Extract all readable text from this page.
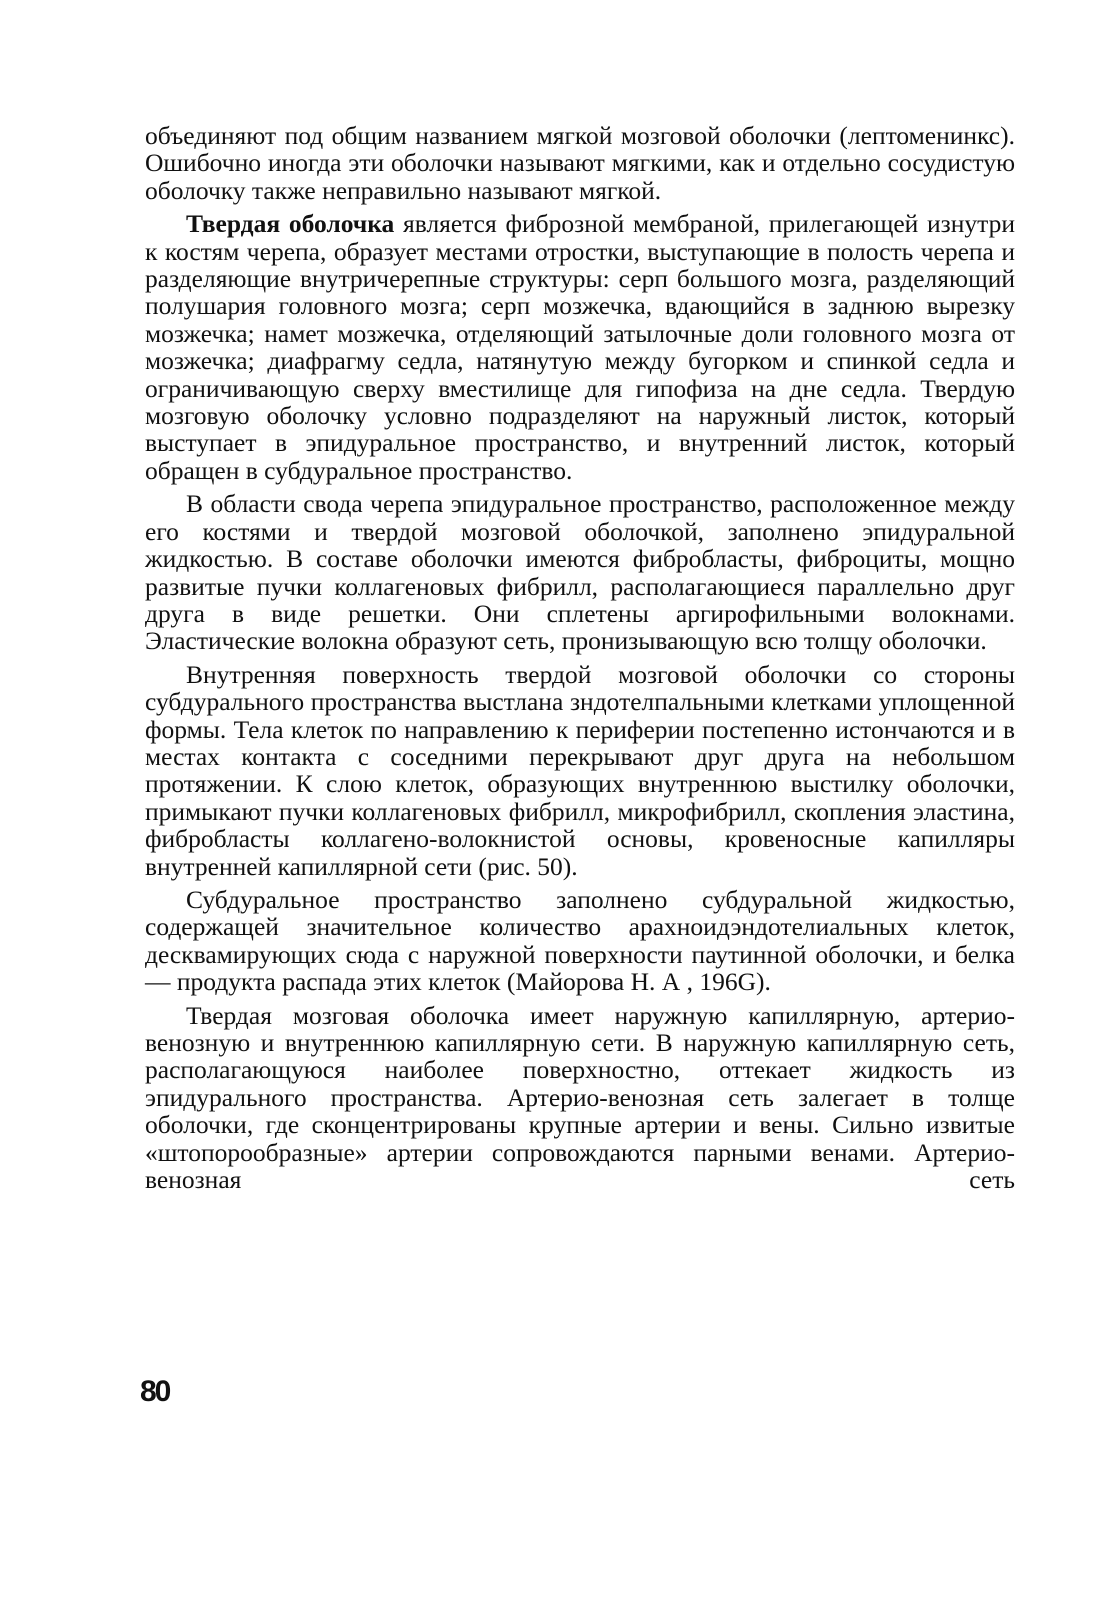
объединяют под общим названием мягкой мозговой оболочки (лептоменинкс). Ошибочно иногда эти оболочки называют мягкими, как и отдельно сосудистую оболочку также неправильно называют мягкой.

Твердая оболочка является фиброзной мембраной, прилегающей изнутри к костям черепа, образует местами отростки, выступающие в полость черепа и разделяющие внутричерепные структуры: серп большого мозга, разделяющий полушария головного мозга; серп мозжечка, вдающийся в заднюю вырезку мозжечка; намет мозжечка, отделяющий затылочные доли головного мозга от мозжечка; диафрагму седла, натянутую между бугорком и спинкой седла и ограничивающую сверху вместилище для гипофиза на дне седла. Твердую мозговую оболочку условно подразделяют на наружный листок, который выступает в эпидуральное пространство, и внутренний листок, который обращен в субдуральное пространство.

В области свода черепа эпидуральное пространство, расположенное между его костями и твердой мозговой оболочкой, заполнено эпидуральной жидкостью. В составе оболочки имеются фибробласты, фиброциты, мощно развитые пучки коллагеновых фибрилл, располагающиеся параллельно друг друга в виде решетки. Они сплетены аргирофильными волокнами. Эластические волокна образуют сеть, пронизывающую всю толщу оболочки.

Внутренняя поверхность твердой мозговой оболочки со стороны субдурального пространства выстлана зндотелпальными клетками уплощенной формы. Тела клеток по направлению к периферии постепенно истончаются и в местах контакта с соседними перекрывают друг друга на небольшом протяжении. К слою клеток, образующих внутреннюю выстилку оболочки, примыкают пучки коллагеновых фибрилл, микрофибрилл, скопления эластина, фибробласты коллагено-волокнистой основы, кровеносные капилляры внутренней капиллярной сети (рис. 50).

Субдуральное пространство заполнено субдуральной жидкостью, содержащей значительное количество арахноидэндотелиальных клеток, десквамирующих сюда с наружной поверхности паутинной оболочки, и белка — продукта распада этих клеток (Майорова Н. А , 196G).

Твердая мозговая оболочка имеет наружную капиллярную, артерио-венозную и внутреннюю капиллярную сети. В наружную капиллярную сеть, располагающуюся наиболее поверхностно, оттекает жидкость из эпидурального пространства. Артерио-венозная сеть залегает в толще оболочки, где сконцентрированы крупные артерии и вены. Сильно извитые «штопорообразные» артерии сопровождаются парными венами. Артерио-венозная сеть

80
